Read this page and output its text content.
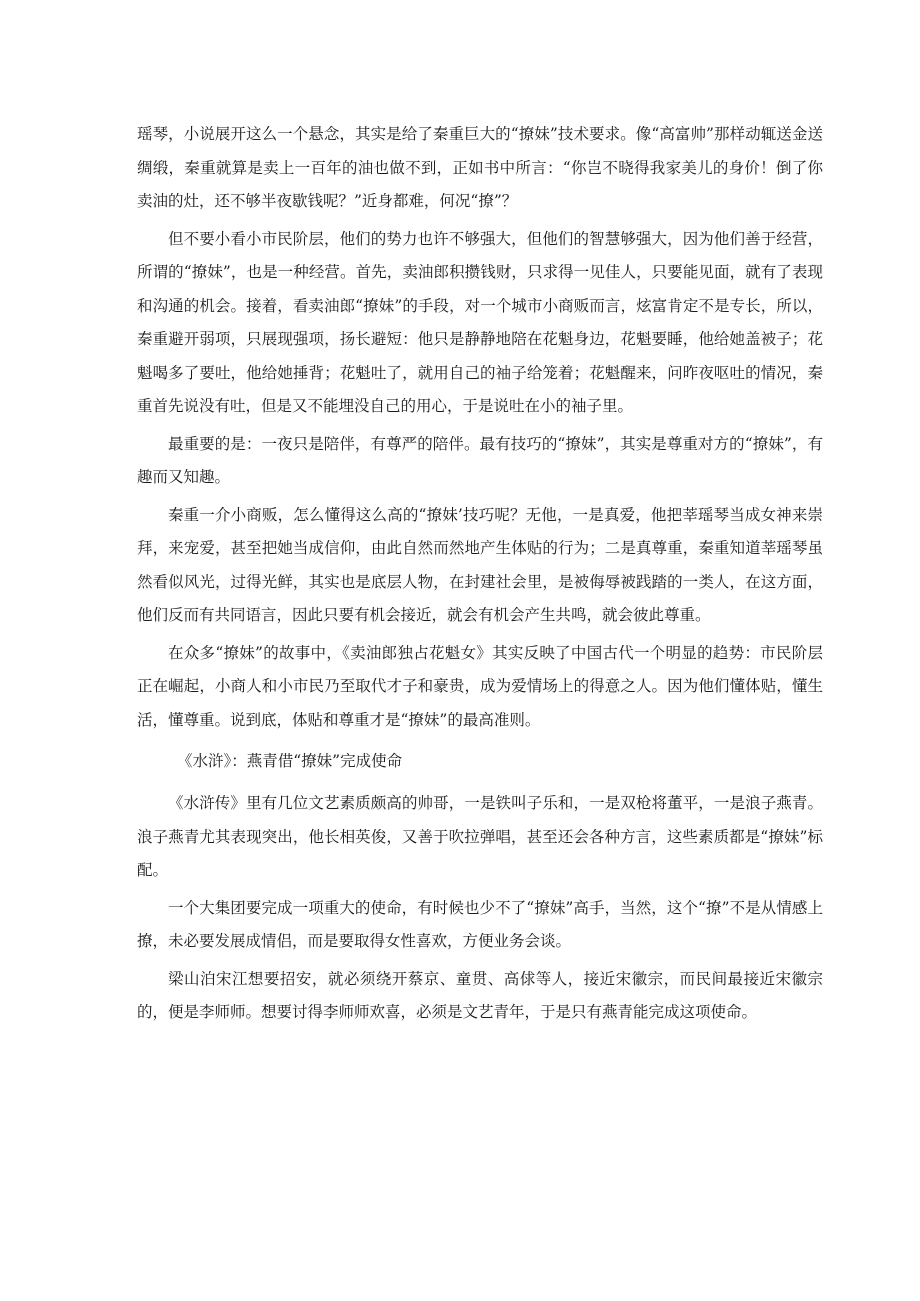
瑶琴，小说展开这么一个悬念，其实是给了秦重巨大的“撩妹”技术要求。像“高富帅”那样动辄送金送绸缎，秦重就算是卖上一百年的油也做不到，正如书中所言：“你岂不晓得我家美儿的身价！倒了你卖油的灶，还不够半夜歇钱呢？”近身都难，何况“撩”？

但不要小看小市民阶层，他们的势力也许不够强大，但他们的智慧够强大，因为他们善于经营，所谓的“撩妹”，也是一种经营。首先，卖油郎积攒钱财，只求得一见佳人，只要能见面，就有了表现和沟通的机会。接着，看卖油郎“撩妹”的手段，对一个城市小商贩而言，炫富肯定不是专长，所以，秦重避开弱项，只展现强项，扬长避短：他只是静静地陪在花魁身边，花魁要睡，他给她盖被子；花魁喝多了要吐，他给她捶背；花魁吐了，就用自己的袖子给笼着；花魁醒来，问昨夜呕吐的情况，秦重首先说没有吐，但是又不能埋没自己的用心，于是说吐在小的袖子里。

最重要的是：一夜只是陪伴，有尊严的陪伴。最有技巧的“撩妹”，其实是尊重对方的“撩妹”，有趣而又知趣。

秦重一介小商贩，怎么懂得这么高的“撩妹’技巧呢？无他，一是真爱，他把莘瑶琴当成女神来崇拜，来宠爱，甚至把她当成信仰，由此自然而然地产生体贴的行为；二是真尊重，秦重知道莘瑶琴虽然看似风光，过得光鲜，其实也是底层人物，在封建社会里，是被侮辱被践踏的一类人，在这方面，他们反而有共同语言，因此只要有机会接近，就会有机会产生共鸣，就会彼此尊重。

在众多“撩妹”的故事中，《卖油郎独占花魁女》其实反映了中国古代一个明显的趋势：市民阶层正在崛起，小商人和小市民乃至取代才子和豪贵，成为爱情场上的得意之人。因为他们懂体贴，懂生活，懂尊重。说到底，体贴和尊重才是“撩妹”的最高准则。

《水浒》：燕青借“撩妹”完成使命

《水浒传》里有几位文艺素质颇高的帅哥，一是铁叫子乐和，一是双枪将董平，一是浪子燕青。浪子燕青尤其表现突出，他长相英俊，又善于吹拉弹唱，甚至还会各种方言，这些素质都是“撩妹”标配。

一个大集团要完成一项重大的使命，有时候也少不了“撩妹”高手，当然，这个“撩”不是从情感上撩，未必要发展成情侣，而是要取得女性喜欢，方便业务会谈。

梁山泊宋江想要招安，就必须绕开蔡京、童贯、高俅等人，接近宋徽宗，而民间最接近宋徽宗的，便是李师师。想要讨得李师师欢喜，必须是文艺青年，于是只有燕青能完成这项使命。
